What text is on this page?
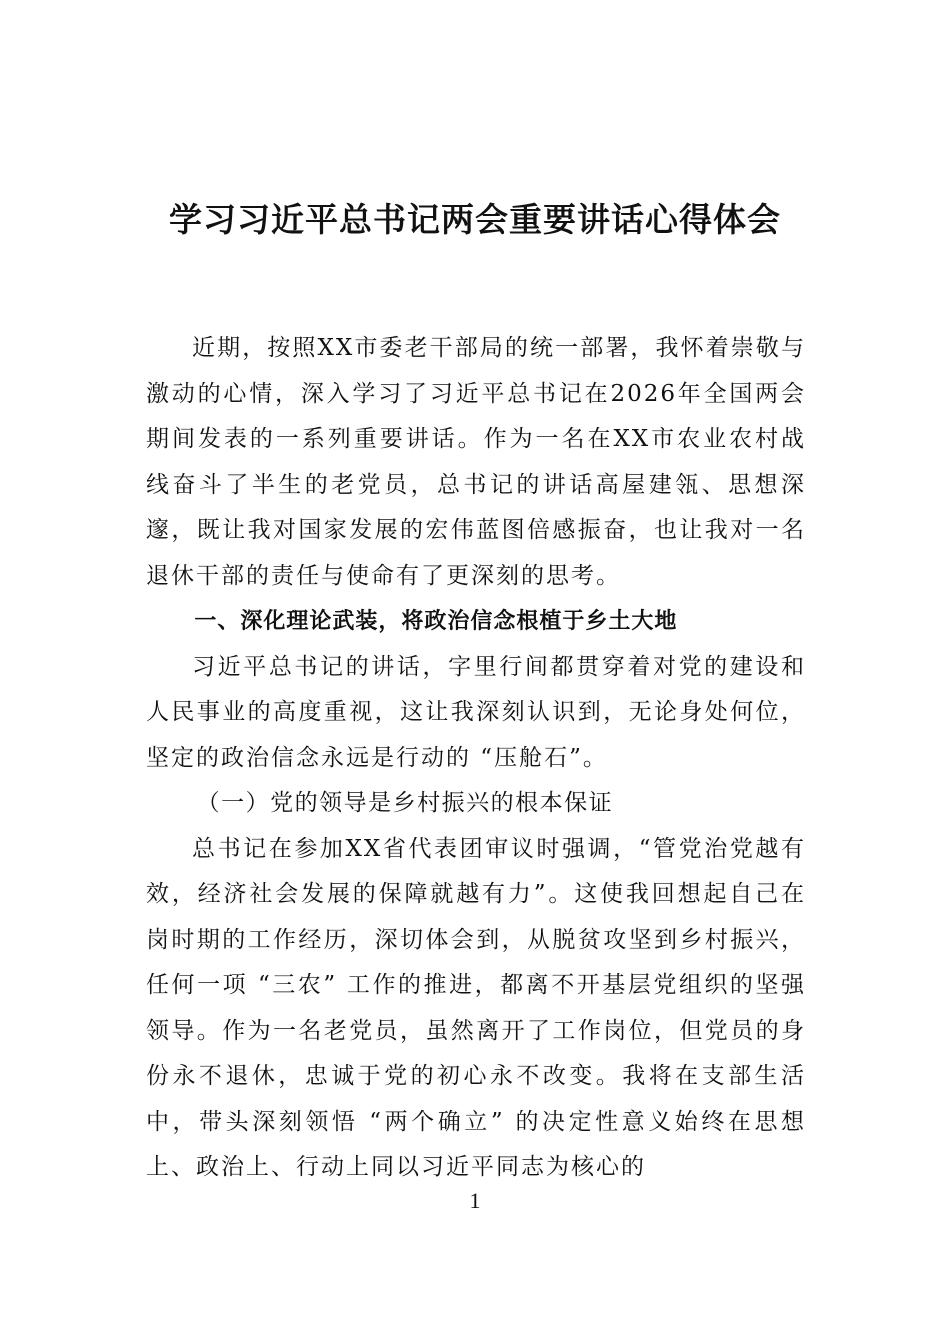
学习习近平总书记两会重要讲话心得体会

近期，按照XX市委老干部局的统一部署，我怀着崇敬与激动的心情，深入学习了习近平总书记在2026年全国两会期间发表的一系列重要讲话。作为一名在XX市农业农村战线奋斗了半生的老党员，总书记的讲话高屋建瓴、思想深邃，既让我对国家发展的宏伟蓝图倍感振奋，也让我对一名退休干部的责任与使命有了更深刻的思考。

一、深化理论武装，将政治信念根植于乡土大地

习近平总书记的讲话，字里行间都贯穿着对党的建设和人民事业的高度重视，这让我深刻认识到，无论身处何位，坚定的政治信念永远是行动的 “压舱石”。

（一）党的领导是乡村振兴的根本保证

总书记在参加XX省代表团审议时强调，“管党治党越有效，经济社会发展的保障就越有力”。这使我回想起自己在岗时期的工作经历，深切体会到，从脱贫攻坚到乡村振兴，任何一项 “三农” 工作的推进，都离不开基层党组织的坚强领导。作为一名老党员，虽然离开了工作岗位，但党员的身份永不退休，忠诚于党的初心永不改变。我将在支部生活中，带头深刻领悟 “两个确立” 的决定性意义始终在思想上、政治上、行动上同以习近平同志为核心的

1
